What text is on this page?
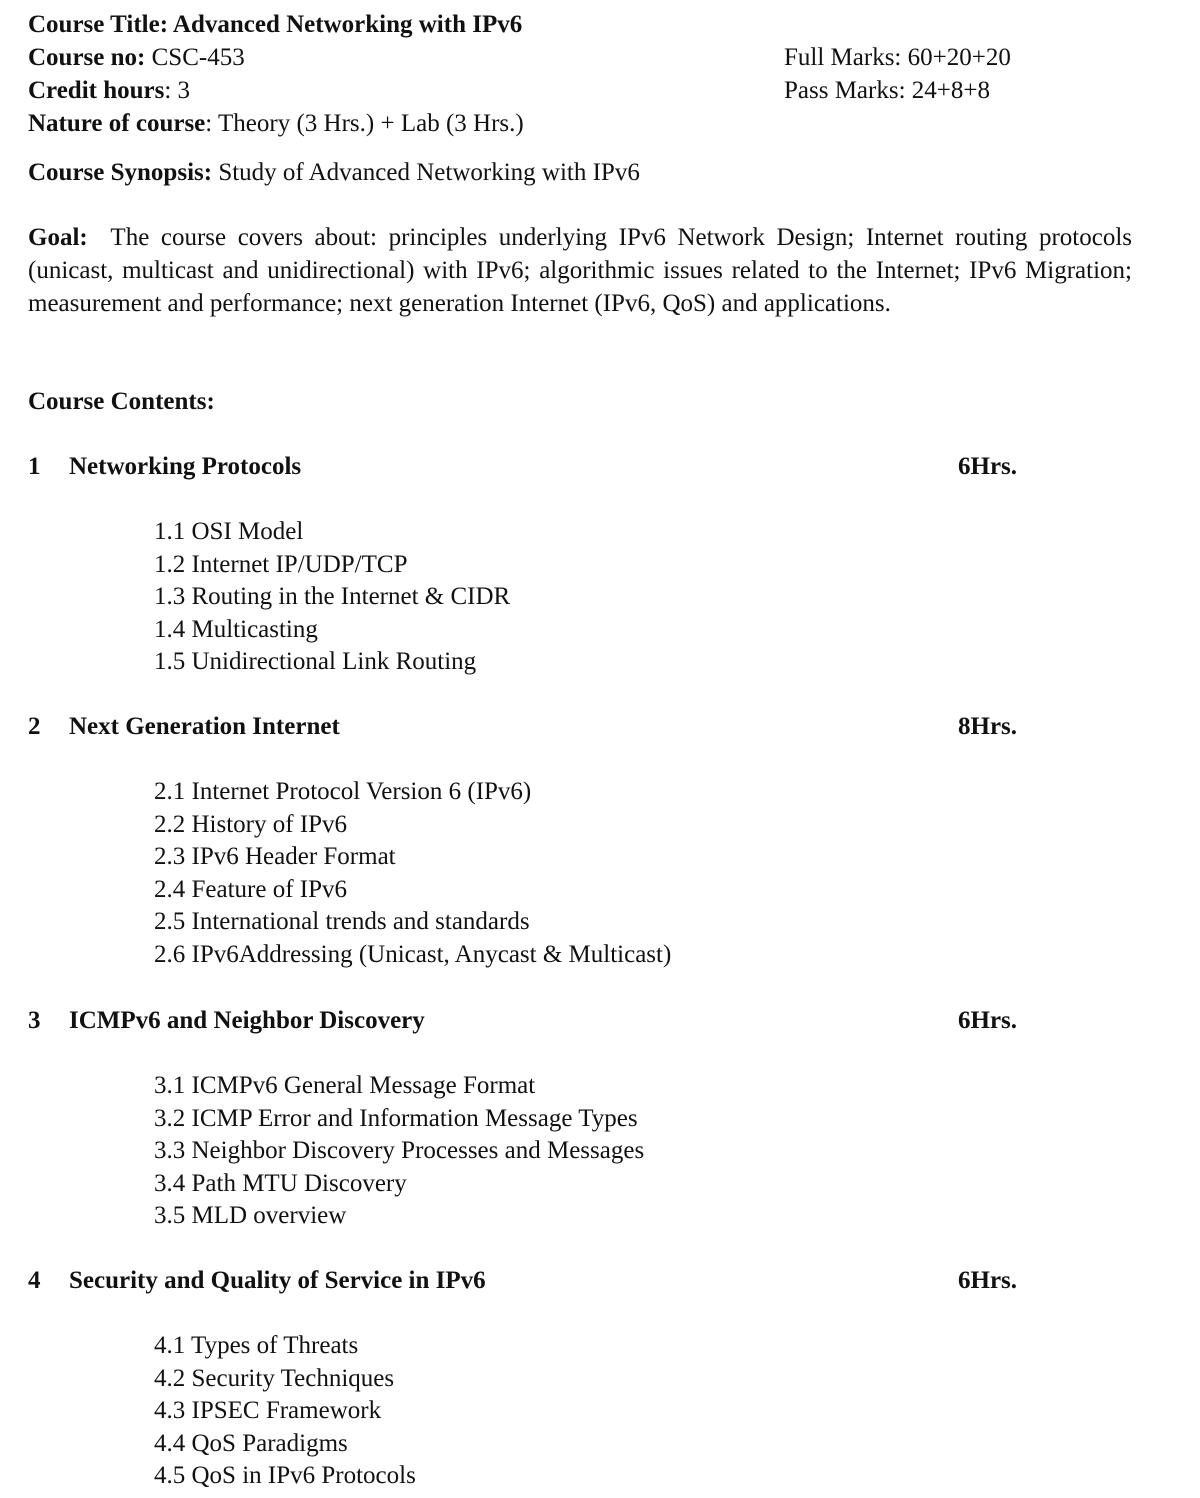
Course Title: Advanced Networking with IPv6
Course no: CSC-453
Credit hours: 3
Nature of course: Theory (3 Hrs.) + Lab (3 Hrs.)
Full Marks: 60+20+20
Pass Marks: 24+8+8
Course Synopsis: Study of Advanced Networking with IPv6
Goal:  The course covers about: principles underlying IPv6 Network Design; Internet routing protocols (unicast, multicast and unidirectional) with IPv6; algorithmic issues related to the Internet; IPv6 Migration; measurement and performance; next generation Internet (IPv6, QoS) and applications.
Course Contents:
1 Networking Protocols	6Hrs.
1.1 OSI Model
1.2 Internet IP/UDP/TCP
1.3 Routing in the Internet & CIDR
1.4 Multicasting
1.5 Unidirectional Link Routing
2 Next Generation Internet	8Hrs.
2.1 Internet Protocol Version 6 (IPv6)
2.2 History of IPv6
2.3 IPv6 Header Format
2.4 Feature of IPv6
2.5 International trends and standards
2.6 IPv6Addressing (Unicast, Anycast & Multicast)
3 ICMPv6 and Neighbor Discovery	6Hrs.
3.1 ICMPv6 General Message Format
3.2 ICMP Error and Information Message Types
3.3 Neighbor Discovery Processes and Messages
3.4 Path MTU Discovery
3.5 MLD overview
4 Security and Quality of Service in IPv6	6Hrs.
4.1 Types of Threats
4.2 Security Techniques
4.3 IPSEC Framework
4.4 QoS Paradigms
4.5 QoS in IPv6 Protocols
